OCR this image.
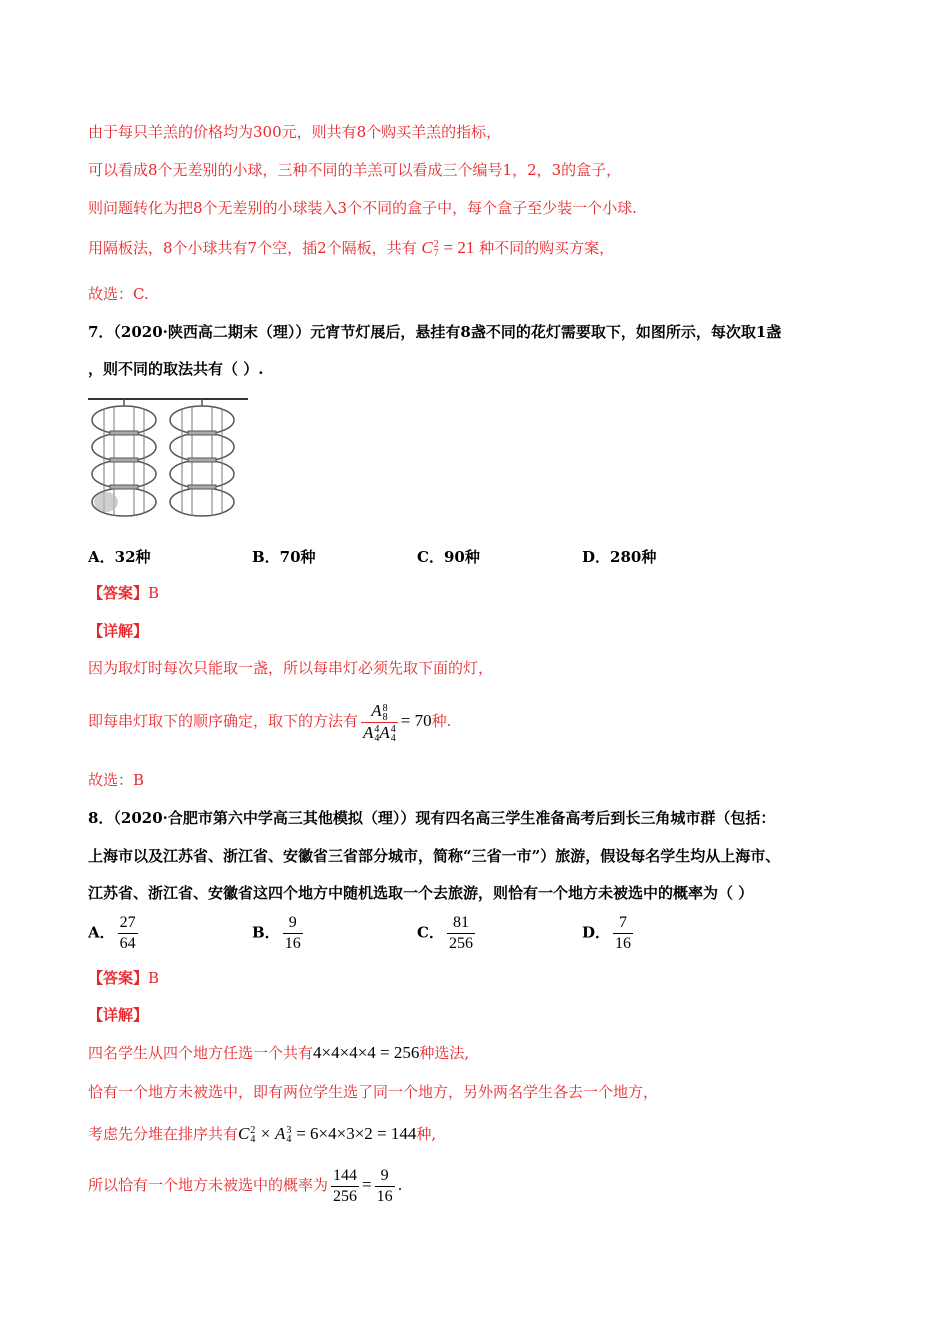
由于每只羊羔的价格均为300元，则共有8个购买羊羔的指标，
可以看成8个无差别的小球，三种不同的羊羔可以看成三个编号1，2，3的盒子，
则问题转化为把8个无差别的小球装入3个不同的盒子中，每个盒子至少装一个小球.
用隔板法，8个小球共有7个空，插2个隔板，共有 C 2
7 = 21 种不同的购买方案，
故选：C.
7．（2020·陕西高二期末（理））元宵节灯展后，悬挂有8盏不同的花灯需要取下，如图所示，每次取1盏
，则不同的取法共有（ ）.
A．32种	B．70种	C．90种	D．280种
【答案】B
【详解】
因为取灯时每次只能取一盏，所以每串灯必须先取下面的灯，
即每串灯取下的顺序确定，取下的方法有 A 8
8
A 4
4 A 4
4 = 70种.
故选：B
8．（2020·合肥市第六中学高三其他模拟（理））现有四名高三学生准备高考后到长三角城市群（包括：
上海市以及江苏省、浙江省、安徽省三省部分城市，简称“三省一市”）旅游，假设每名学生均从上海市、
江苏省、浙江省、安徽省这四个地方中随机选取一个去旅游，则恰有一个地方未被选中的概率为（ ）
A． $\frac{27}{64}$	B． $\frac{9}{16}$	C． $\frac{81}{256}$	D． $\frac{7}{16}$
【答案】B
【详解】
四名学生从四个地方任选一个共有4×4×4×4 = 256种选法,
恰有一个地方未被选中，即有两位学生选了同一个地方，另外两名学生各去一个地方，
考虑先分堆在排序共有C 2
4 × A 3
4 = 6×4×3×2 = 144种,
所以恰有一个地方未被选中的概率为 $\frac{144}{256} = \frac{9}{16}$ .
